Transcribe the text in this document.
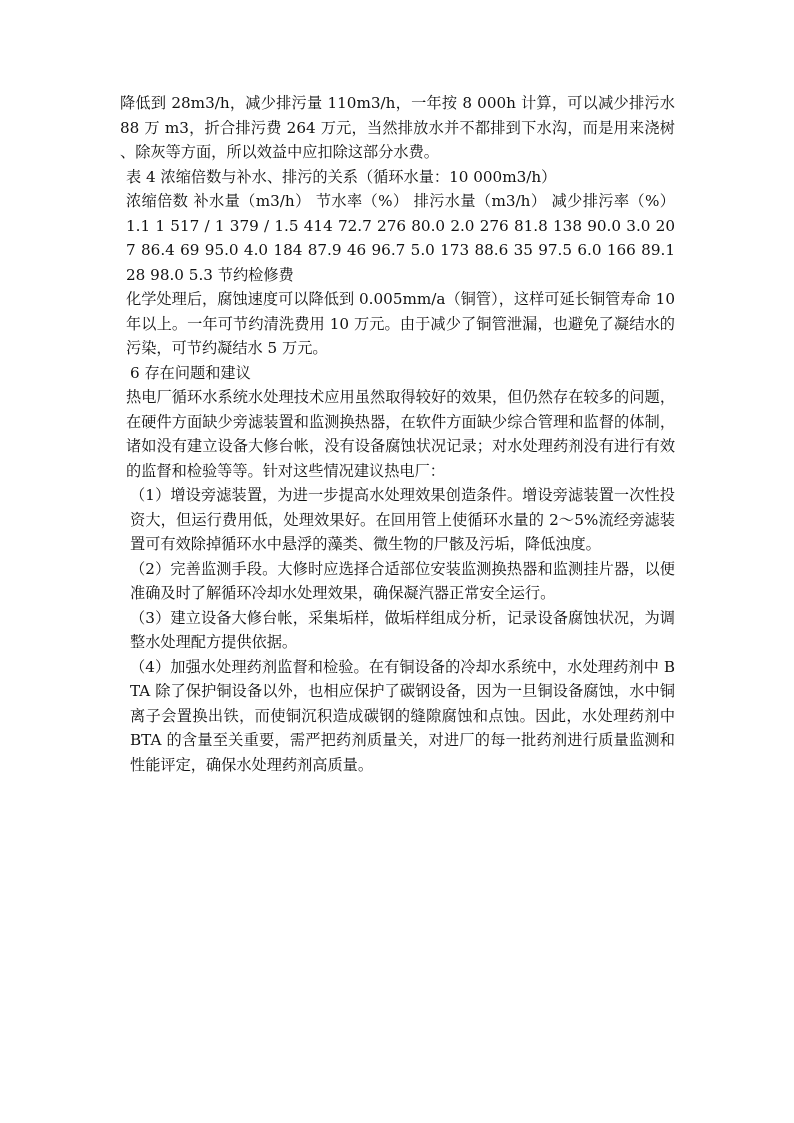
降低到 28m3/h，减少排污量 110m3/h，一年按 8 000h 计算，可以减少排污水 88 万 m3，折合排污费 264 万元，当然排放水并不都排到下水沟，而是用来浇树、除灰等方面，所以效益中应扣除这部分水费。

表 4 浓缩倍数与补水、排污的关系（循环水量：10 000m3/h）

浓缩倍数 补水量（m3/h） 节水率（%） 排污水量（m3/h） 减少排污率（%） 1.1 1 517 / 1 379 / 1.5 414 72.7 276 80.0 2.0 276 81.8 138 90.0 3.0 207 86.4 69 95.0 4.0 184 87.9 46 96.7 5.0 173 88.6 35 97.5 6.0 166 89.1 28 98.0 5.3 节约检修费

化学处理后，腐蚀速度可以降低到 0.005mm/a（铜管），这样可延长铜管寿命 10 年以上。一年可节约清洗费用 10 万元。由于减少了铜管泄漏，也避免了凝结水的污染，可节约凝结水 5 万元。

6 存在问题和建议

热电厂循环水系统水处理技术应用虽然取得较好的效果，但仍然存在较多的问题，在硬件方面缺少旁滤装置和监测换热器，在软件方面缺少综合管理和监督的体制，诸如没有建立设备大修台帐，没有设备腐蚀状况记录；对水处理药剂没有进行有效的监督和检验等等。针对这些情况建议热电厂：

（1）增设旁滤装置，为进一步提高水处理效果创造条件。增设旁滤装置一次性投资大，但运行费用低，处理效果好。在回用管上使循环水量的 2～5%流经旁滤装置可有效除掉循环水中悬浮的藻类、微生物的尸骸及污垢，降低浊度。

（2）完善监测手段。大修时应选择合适部位安装监测换热器和监测挂片器，以便准确及时了解循环冷却水处理效果，确保凝汽器正常安全运行。

（3）建立设备大修台帐，采集垢样，做垢样组成分析，记录设备腐蚀状况，为调整水处理配方提供依据。

（4）加强水处理药剂监督和检验。在有铜设备的冷却水系统中，水处理药剂中 BTA 除了保护铜设备以外，也相应保护了碳钢设备，因为一旦铜设备腐蚀，水中铜离子会置换出铁，而使铜沉积造成碳钢的缝隙腐蚀和点蚀。因此，水处理药剂中 BTA 的含量至关重要，需严把药剂质量关，对进厂的每一批药剂进行质量监测和性能评定，确保水处理药剂高质量。
